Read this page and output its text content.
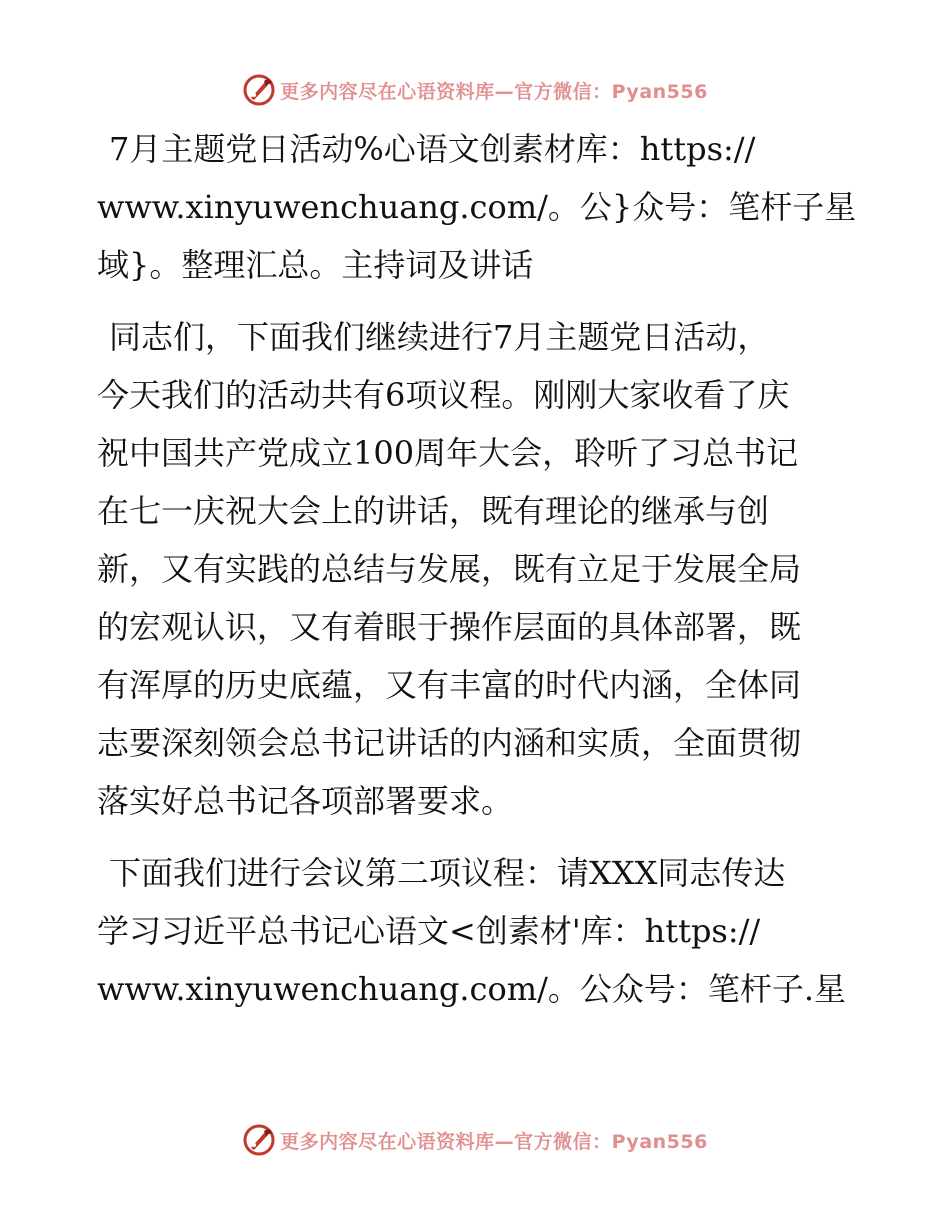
更多内容尽在心语资料库—官方微信：Pyan556
7月主题党日活动%心语文创素材库：https://
www.xinyuwenchuang.com/。公}众号：笔杆子星
域}。整理汇总。主持词及讲话
同志们，下面我们继续进行7月主题党日活动，
今天我们的活动共有6项议程。刚刚大家收看了庆
祝中国共产党成立100周年大会，聆听了习总书记
在七一庆祝大会上的讲话，既有理论的继承与创
新，又有实践的总结与发展，既有立足于发展全局
的宏观认识，又有着眼于操作层面的具体部署，既
有浑厚的历史底蕴，又有丰富的时代内涵，全体同
志要深刻领会总书记讲话的内涵和实质，全面贯彻
落实好总书记各项部署要求。
下面我们进行会议第二项议程：请XXX同志传达
学习习近平总书记心语文<创素材'库：https://
www.xinyuwenchuang.com/。公众号：笔杆子.星
更多内容尽在心语资料库—官方微信：Pyan556
